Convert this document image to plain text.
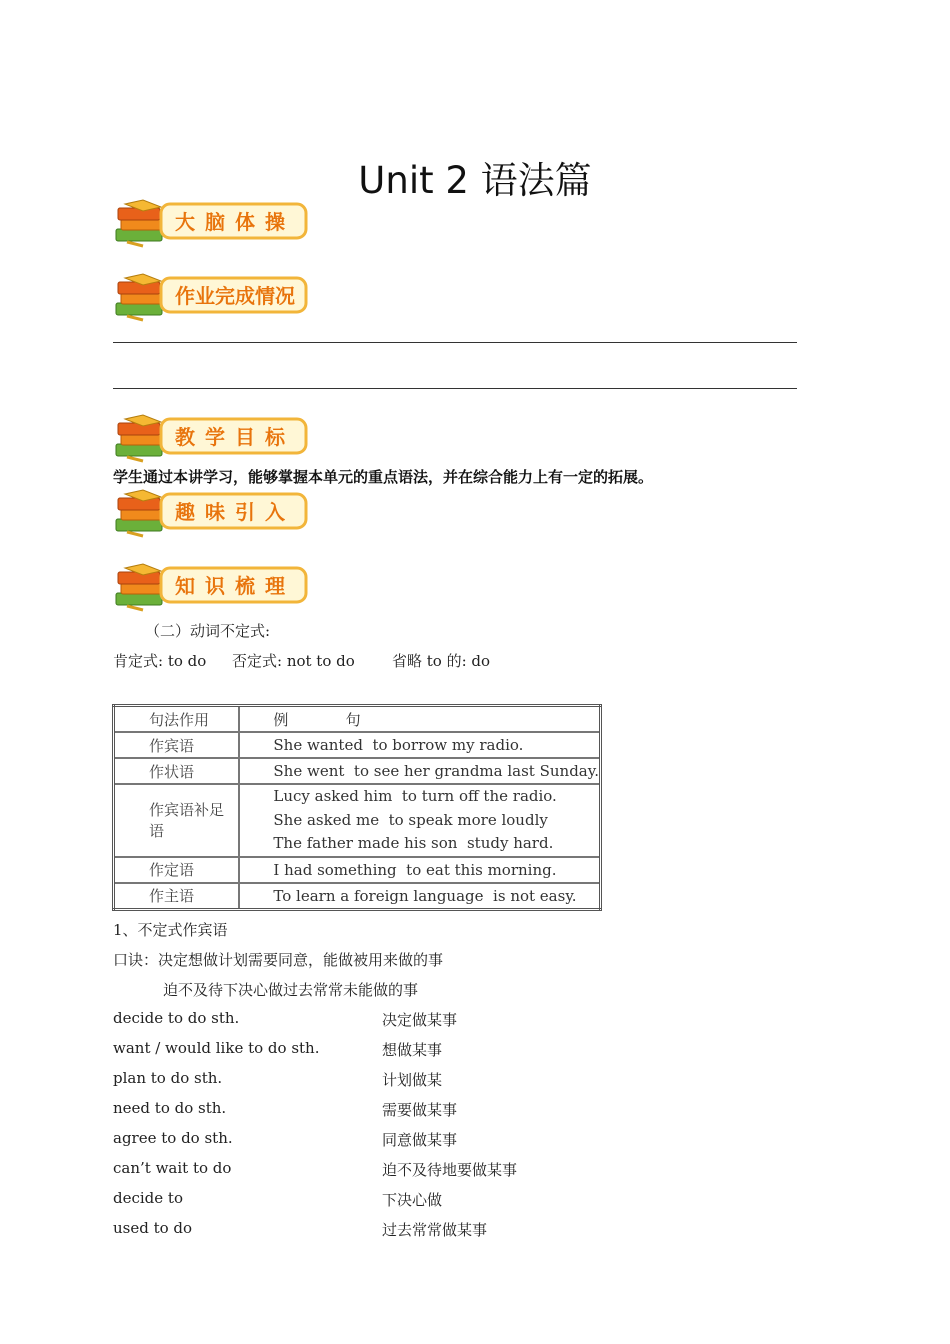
Unit 2 语法篇
大脑体操
作业完成情况
教学目标
学生通过本讲学习，能够掌握本单元的重点语法，并在综合能力上有一定的拓展。
趣味引入
知识梳理
（二）动词不定式:
肯定式: to do 否定式: not to do 省略 to 的: do
句法作用	例            句
作宾语	She wanted  to borrow my radio.
作状语	She went  to see her grandma last Sunday.
作宾语补足语	Lucy asked him  to turn off the radio.
She asked me  to speak more loudly
The father made his son  study hard.

作定语	I had something  to eat this morning.
作主语	To learn a foreign language  is not easy.
1、不定式作宾语
口诀：决定想做计划需要同意，能做被用来做的事
迫不及待下决心做过去常常未能做的事
decide to do sth.	决定做某事
want / would like to do sth.	想做某事
plan to do sth.	计划做某
need to do sth.	需要做某事
agree to do sth.	同意做某事
can’t wait to do	迫不及待地要做某事
decide to	下决心做
used to do	过去常常做某事
